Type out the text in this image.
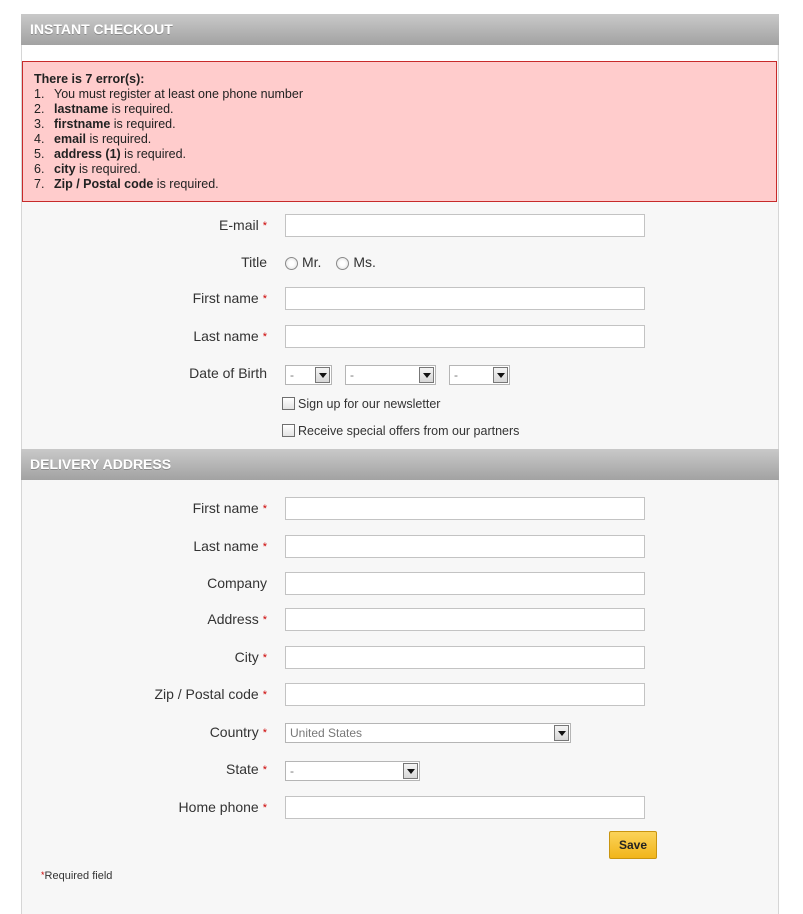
INSTANT CHECKOUT
There is 7 error(s):
1. You must register at least one phone number
2. lastname is required.
3. firstname is required.
4. email is required.
5. address (1) is required.
6. city is required.
7. Zip / Postal code is required.
E-mail *
Title	Mr. Ms.
First name *
Last name *
Date of Birth	-	-	-
Sign up for our newsletter
Receive special offers from our partners
DELIVERY ADDRESS
First name *
Last name *
Company
Address *
City *
Zip / Postal code *
Country *	United States
State *	-
Home phone *
Save
*Required field
